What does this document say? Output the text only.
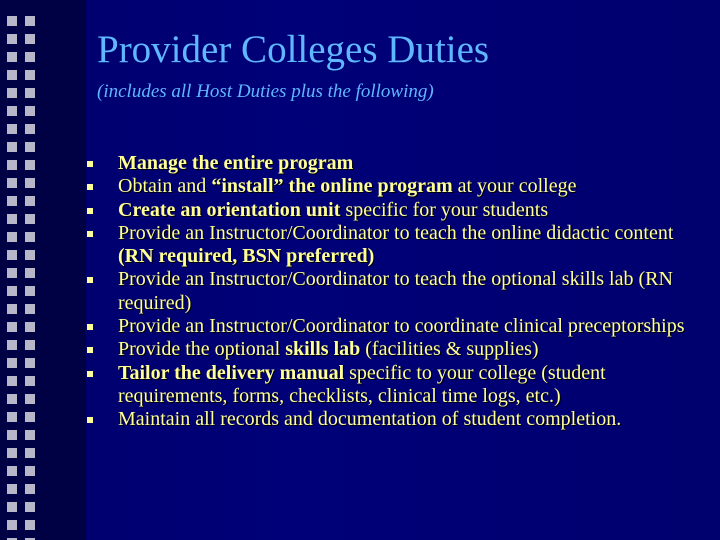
Provider Colleges Duties

(includes all Host Duties plus the following)

Manage the entire program
Obtain and “install” the online program at your college
Create an orientation unit specific for your students
Provide an Instructor/Coordinator to teach the online didactic content (RN required, BSN preferred)
Provide an Instructor/Coordinator to teach the optional skills lab (RN required)
Provide an Instructor/Coordinator to coordinate clinical preceptorships
Provide the optional skills lab (facilities & supplies)
Tailor the delivery manual specific to your college (student requirements, forms, checklists, clinical time logs, etc.)
Maintain all records and documentation of student completion.
